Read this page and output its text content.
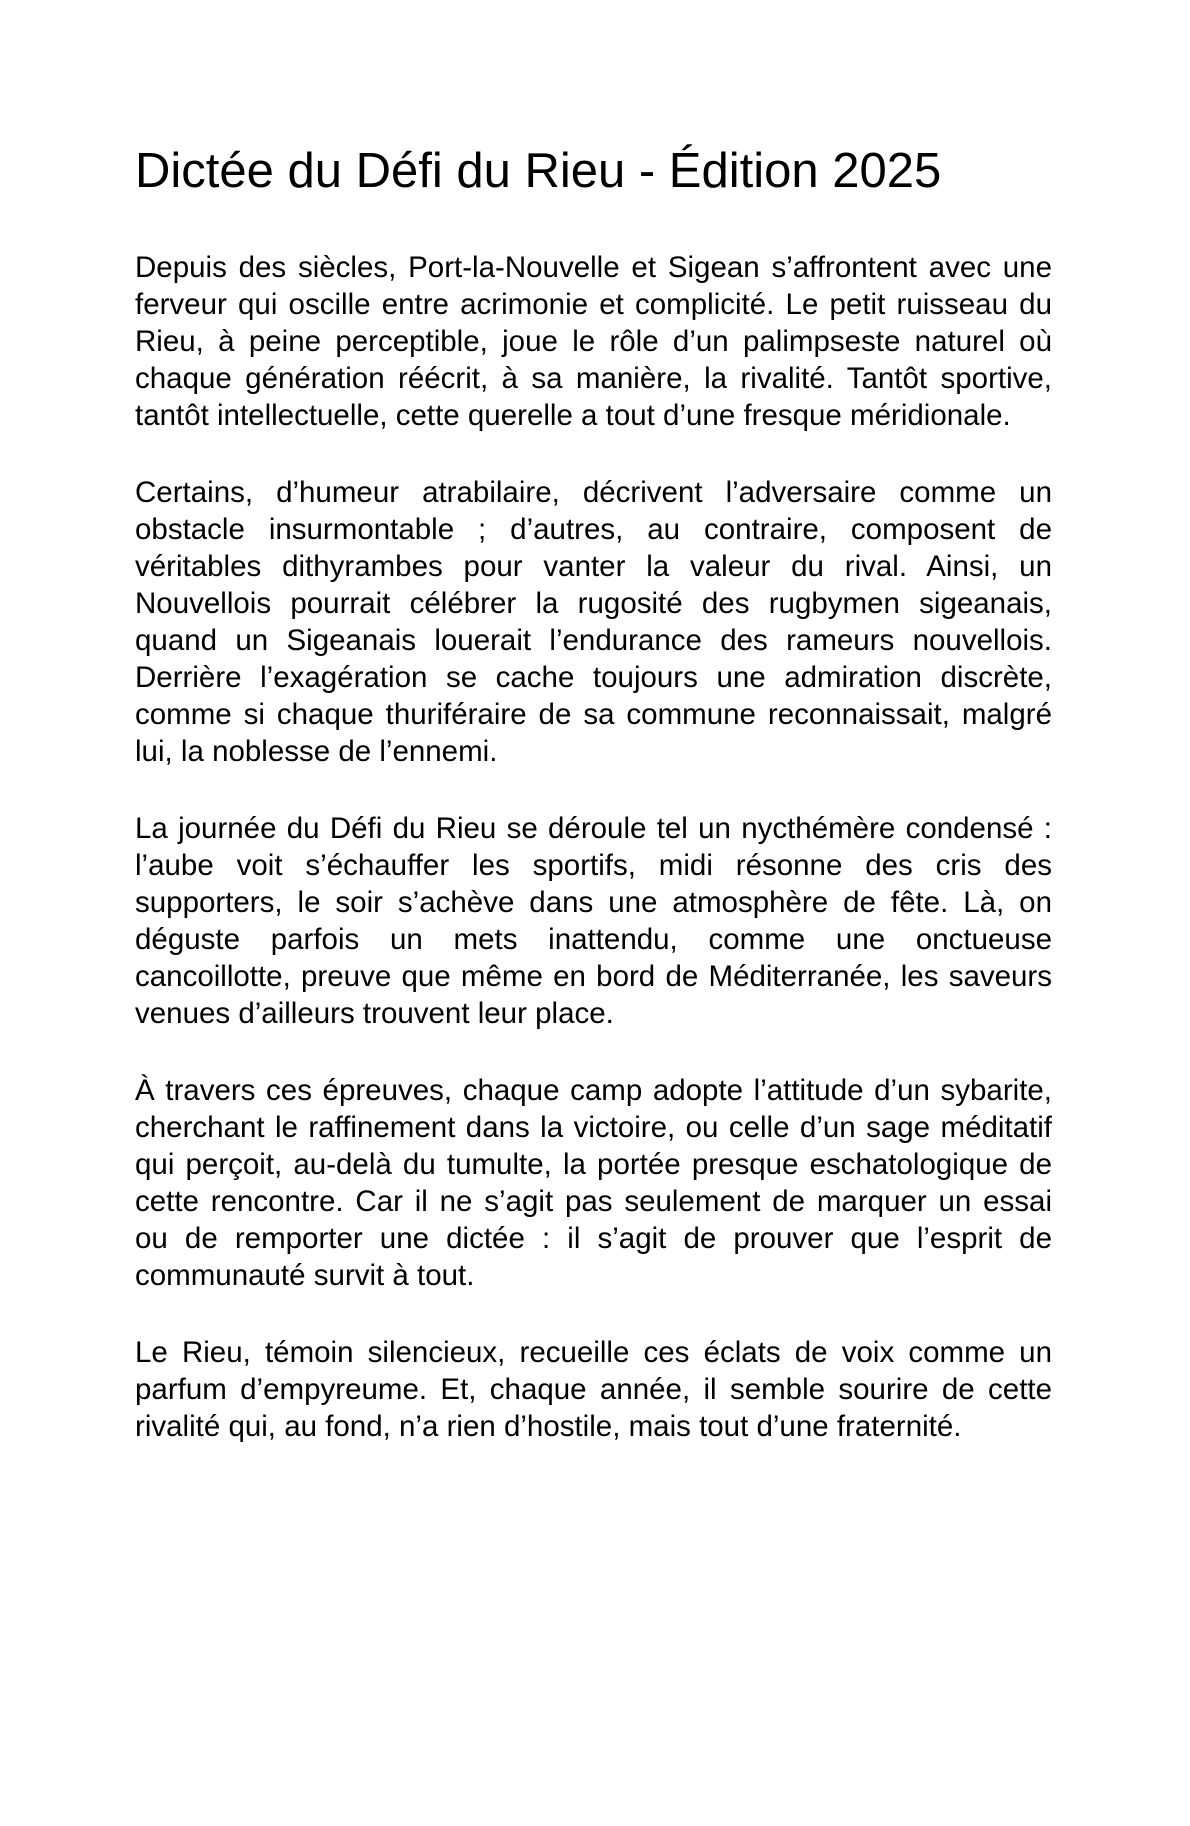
Dictée du Défi du Rieu - Édition 2025

Depuis des siècles, Port-la-Nouvelle et Sigean s’affrontent avec une ferveur qui oscille entre acrimonie et complicité. Le petit ruisseau du Rieu, à peine perceptible, joue le rôle d’un palimpseste naturel où chaque génération réécrit, à sa manière, la rivalité. Tantôt sportive, tantôt intellectuelle, cette querelle a tout d’une fresque méridionale.

Certains, d’humeur atrabilaire, décrivent l’adversaire comme un obstacle insurmontable ; d’autres, au contraire, composent de véritables dithyrambes pour vanter la valeur du rival. Ainsi, un Nouvellois pourrait célébrer la rugosité des rugbymen sigeanais, quand un Sigeanais louerait l’endurance des rameurs nouvellois. Derrière l’exagération se cache toujours une admiration discrète, comme si chaque thuriféraire de sa commune reconnaissait, malgré lui, la noblesse de l’ennemi.

La journée du Défi du Rieu se déroule tel un nycthémère condensé : l’aube voit s’échauffer les sportifs, midi résonne des cris des supporters, le soir s’achève dans une atmosphère de fête. Là, on déguste parfois un mets inattendu, comme une onctueuse cancoillotte, preuve que même en bord de Méditerranée, les saveurs venues d’ailleurs trouvent leur place.

À travers ces épreuves, chaque camp adopte l’attitude d’un sybarite, cherchant le raffinement dans la victoire, ou celle d’un sage méditatif qui perçoit, au-delà du tumulte, la portée presque eschatologique de cette rencontre. Car il ne s’agit pas seulement de marquer un essai ou de remporter une dictée : il s’agit de prouver que l’esprit de communauté survit à tout.

Le Rieu, témoin silencieux, recueille ces éclats de voix comme un parfum d’empyreume. Et, chaque année, il semble sourire de cette rivalité qui, au fond, n’a rien d’hostile, mais tout d’une fraternité.
